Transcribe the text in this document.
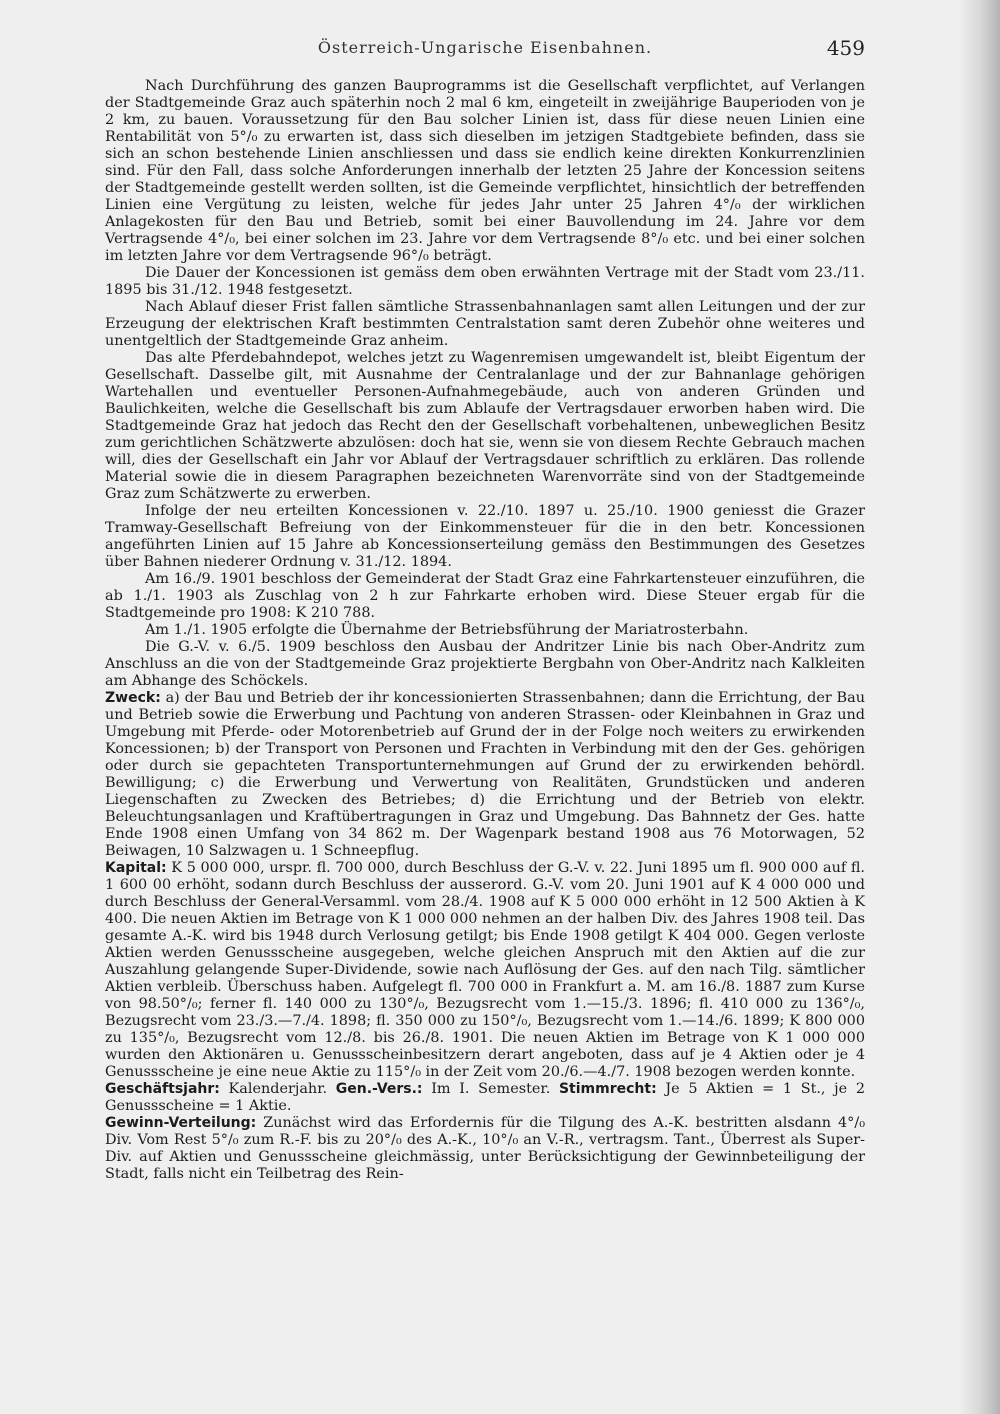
Österreich-Ungarische Eisenbahnen.	459

Nach Durchführung des ganzen Bauprogramms ist die Gesellschaft verpflichtet, auf Verlangen der Stadtgemeinde Graz auch späterhin noch 2 mal 6 km, eingeteilt in zweijährige Bauperioden von je 2 km, zu bauen. Voraussetzung für den Bau solcher Linien ist, dass für diese neuen Linien eine Rentabilität von 5°/₀ zu erwarten ist, dass sich dieselben im jetzigen Stadtgebiete befinden, dass sie sich an schon bestehende Linien anschliessen und dass sie endlich keine direkten Konkurrenzlinien sind. Für den Fall, dass solche Anforderungen innerhalb der letzten 25 Jahre der Koncession seitens der Stadtgemeinde gestellt werden sollten, ist die Gemeinde verpflichtet, hinsichtlich der betreffenden Linien eine Vergütung zu leisten, welche für jedes Jahr unter 25 Jahren 4°/₀ der wirklichen Anlagekosten für den Bau und Betrieb, somit bei einer Bauvollendung im 24. Jahre vor dem Vertragsende 4°/₀, bei einer solchen im 23. Jahre vor dem Vertragsende 8°/₀ etc. und bei einer solchen im letzten Jahre vor dem Vertragsende 96°/₀ beträgt.

Die Dauer der Koncessionen ist gemäss dem oben erwähnten Vertrage mit der Stadt vom 23./11. 1895 bis 31./12. 1948 festgesetzt.

Nach Ablauf dieser Frist fallen sämtliche Strassenbahnanlagen samt allen Leitungen und der zur Erzeugung der elektrischen Kraft bestimmten Centralstation samt deren Zubehör ohne weiteres und unentgeltlich der Stadtgemeinde Graz anheim.

Das alte Pferdebahndepot, welches jetzt zu Wagenremisen umgewandelt ist, bleibt Eigentum der Gesellschaft. Dasselbe gilt, mit Ausnahme der Centralanlage und der zur Bahnanlage gehörigen Wartehallen und eventueller Personen-Aufnahmegebäude, auch von anderen Gründen und Baulichkeiten, welche die Gesellschaft bis zum Ablaufe der Vertragsdauer erworben haben wird. Die Stadtgemeinde Graz hat jedoch das Recht den der Gesellschaft vorbehaltenen, unbeweglichen Besitz zum gerichtlichen Schätzwerte abzulösen: doch hat sie, wenn sie von diesem Rechte Gebrauch machen will, dies der Gesellschaft ein Jahr vor Ablauf der Vertragsdauer schriftlich zu erklären. Das rollende Material sowie die in diesem Paragraphen bezeichneten Warenvorräte sind von der Stadtgemeinde Graz zum Schätzwerte zu erwerben.

Infolge der neu erteilten Koncessionen v. 22./10. 1897 u. 25./10. 1900 geniesst die Grazer Tramway-Gesellschaft Befreiung von der Einkommensteuer für die in den betr. Koncessionen angeführten Linien auf 15 Jahre ab Koncessionserteilung gemäss den Bestimmungen des Gesetzes über Bahnen niederer Ordnung v. 31./12. 1894.

Am 16./9. 1901 beschloss der Gemeinderat der Stadt Graz eine Fahrkartensteuer einzuführen, die ab 1./1. 1903 als Zuschlag von 2 h zur Fahrkarte erhoben wird. Diese Steuer ergab für die Stadtgemeinde pro 1908: K 210 788.

Am 1./1. 1905 erfolgte die Übernahme der Betriebsführung der Mariatrosterbahn.

Die G.-V. v. 6./5. 1909 beschloss den Ausbau der Andritzer Linie bis nach Ober-Andritz zum Anschluss an die von der Stadtgemeinde Graz projektierte Bergbahn von Ober-Andritz nach Kalkleiten am Abhange des Schöckels.

Zweck: a) der Bau und Betrieb der ihr koncessionierten Strassenbahnen; dann die Errichtung, der Bau und Betrieb sowie die Erwerbung und Pachtung von anderen Strassen- oder Kleinbahnen in Graz und Umgebung mit Pferde- oder Motorenbetrieb auf Grund der in der Folge noch weiters zu erwirkenden Koncessionen; b) der Transport von Personen und Frachten in Verbindung mit den der Ges. gehörigen oder durch sie gepachteten Transportunternehmungen auf Grund der zu erwirkenden behördl. Bewilligung; c) die Erwerbung und Verwertung von Realitäten, Grundstücken und anderen Liegenschaften zu Zwecken des Betriebes; d) die Errichtung und der Betrieb von elektr. Beleuchtungsanlagen und Kraftübertragungen in Graz und Umgebung. Das Bahnnetz der Ges. hatte Ende 1908 einen Umfang von 34 862 m. Der Wagenpark bestand 1908 aus 76 Motorwagen, 52 Beiwagen, 10 Salzwagen u. 1 Schneepflug.

Kapital: K 5 000 000, urspr. fl. 700 000, durch Beschluss der G.-V. v. 22. Juni 1895 um fl. 900 000 auf fl. 1 600 00 erhöht, sodann durch Beschluss der ausserord. G.-V. vom 20. Juni 1901 auf K 4 000 000 und durch Beschluss der General-Versamml. vom 28./4. 1908 auf K 5 000 000 erhöht in 12 500 Aktien à K 400. Die neuen Aktien im Betrage von K 1 000 000 nehmen an der halben Div. des Jahres 1908 teil. Das gesamte A.-K. wird bis 1948 durch Verlosung getilgt; bis Ende 1908 getilgt K 404 000. Gegen verloste Aktien werden Genussscheine ausgegeben, welche gleichen Anspruch mit den Aktien auf die zur Auszahlung gelangende Super-Dividende, sowie nach Auflösung der Ges. auf den nach Tilg. sämtlicher Aktien verbleib. Überschuss haben. Aufgelegt fl. 700 000 in Frankfurt a. M. am 16./8. 1887 zum Kurse von 98.50°/₀; ferner fl. 140 000 zu 130°/₀, Bezugsrecht vom 1.—15./3. 1896; fl. 410 000 zu 136°/₀, Bezugsrecht vom 23./3.—7./4. 1898; fl. 350 000 zu 150°/₀, Bezugsrecht vom 1.—14./6. 1899; K 800 000 zu 135°/₀, Bezugsrecht vom 12./8. bis 26./8. 1901. Die neuen Aktien im Betrage von K 1 000 000 wurden den Aktionären u. Genussscheinbesitzern derart angeboten, dass auf je 4 Aktien oder je 4 Genussscheine je eine neue Aktie zu 115°/₀ in der Zeit vom 20./6.—4./7. 1908 bezogen werden konnte.

Geschäftsjahr: Kalenderjahr. Gen.-Vers.: Im I. Semester. Stimmrecht: Je 5 Aktien = 1 St., je 2 Genussscheine = 1 Aktie.

Gewinn-Verteilung: Zunächst wird das Erfordernis für die Tilgung des A.-K. bestritten alsdann 4°/₀ Div. Vom Rest 5°/₀ zum R.-F. bis zu 20°/₀ des A.-K., 10°/₀ an V.-R., vertragsm. Tant., Überrest als Super-Div. auf Aktien und Genussscheine gleichmässig, unter Berücksichtigung der Gewinnbeteiligung der Stadt, falls nicht ein Teilbetrag des Rein-
